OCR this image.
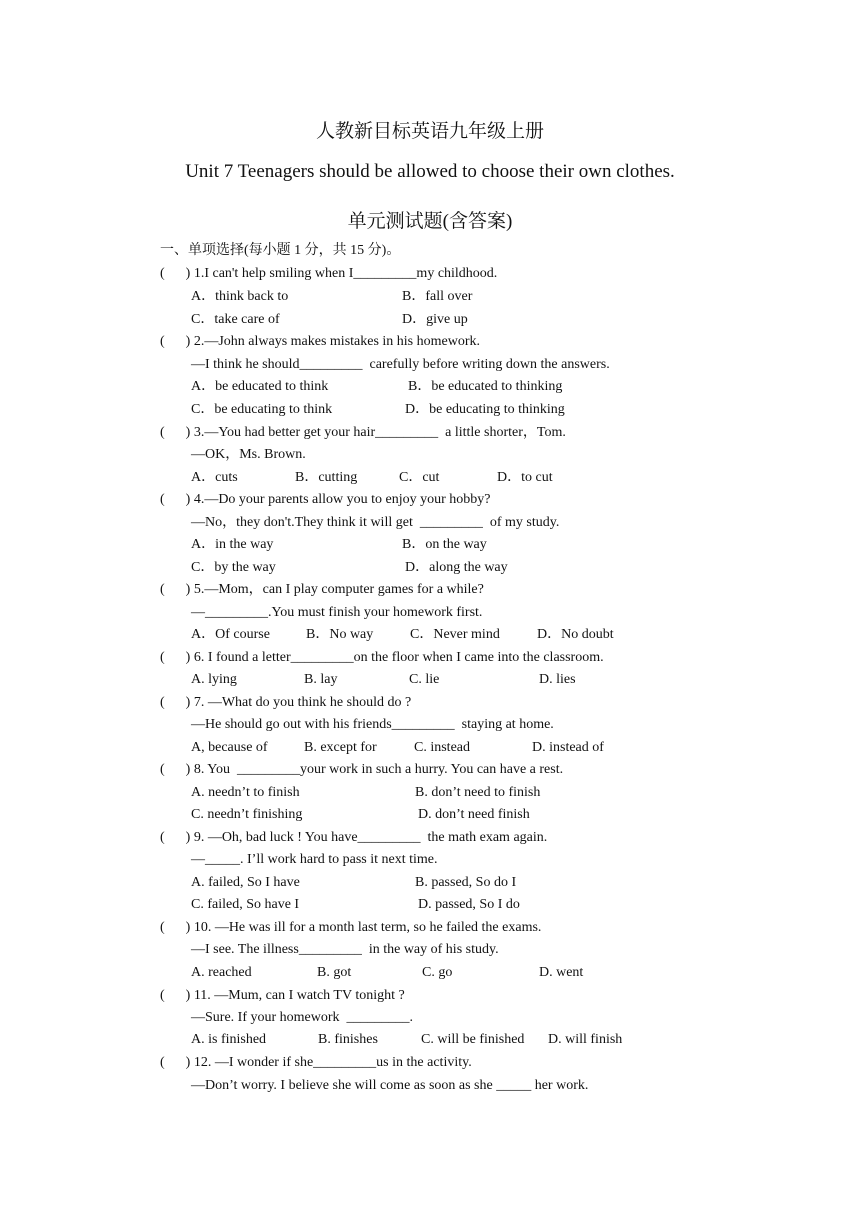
人教新目标英语九年级上册
Unit 7 Teenagers should be allowed to choose their own clothes.
单元测试题(含答案)
一、单项选择(每小题 1 分，共 15 分)。
(      ) 1.I can't help smiling when I_________my childhood.
A．think back to	B．fall over
C．take care of	D．give up
(      ) 2.—John always makes mistakes in his homework.
—I think he should_________  carefully before writing down the answers.
A．be educated to think	B．be educated to thinking
C．be educating to think	D．be educating to thinking
(      ) 3.—You had better get your hair_________  a little shorter，Tom.
—OK，Ms. Brown.
A．cuts	B．cutting	C．cut	D．to cut
(      ) 4.—Do your parents allow you to enjoy your hobby?
—No，they don't.They think it will get  _________  of my study.
A．in the way	B．on the way
C．by the way	D．along the way
(      ) 5.—Mom，can I play computer games for a while?
—_________.You must finish your homework first.
A．Of course	B．No way	C．Never mind	D．No doubt
(      ) 6. I found a letter_________on the floor when I came into the classroom.
A. lying	B. lay	C. lie	D. lies
(      ) 7. —What do you think he should do ?
—He should go out with his friends_________  staying at home.
A, because of	B. except for	C. instead	D. instead of
(      ) 8. You  _________your work in such a hurry. You can have a rest.
A. needn’t to finish	B. don’t need to finish
C. needn’t finishing	D. don’t need finish
(      ) 9. —Oh, bad luck ! You have_________  the math exam again.
—_____. I’ll work hard to pass it next time.
A. failed, So I have	B. passed, So do I
C. failed, So have I	D. passed, So I do
(      ) 10. —He was ill for a month last term, so he failed the exams.
—I see. The illness_________  in the way of his study.
A. reached	B. got	C. go	D. went
(      ) 11. —Mum, can I watch TV tonight ?
—Sure. If your homework  _________.
A. is finished	B. finishes	C. will be finished D. will finish
(      ) 12. —I wonder if she_________us in the activity.
—Don’t worry. I believe she will come as soon as she _____ her work.
